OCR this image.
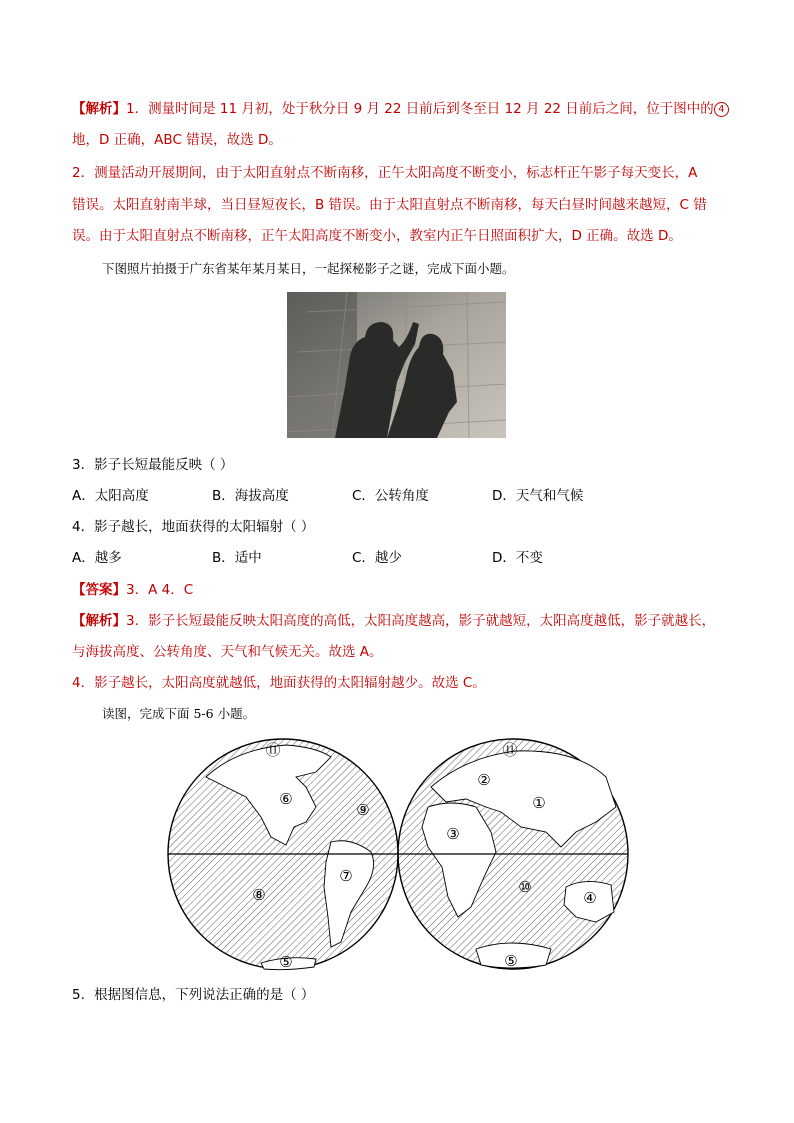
【解析】1．测量时间是 11 月初，处于秋分日 9 月 22 日前后到冬至日 12 月 22 日前后之间，位于图中的 4
地，D 正确，ABC 错误，故选 D。
2．测量活动开展期间，由于太阳直射点不断南移，正午太阳高度不断变小，标志杆正午影子每天变长，A
错误。太阳直射南半球，当日昼短夜长，B 错误。由于太阳直射点不断南移，每天白昼时间越来越短，C 错
误。由于太阳直射点不断南移，正午太阳高度不断变小，教室内正午日照面积扩大，D 正确。故选 D。
下图照片拍摄于广东省某年某月某日，一起探秘影子之谜，完成下面小题。
3．影子长短最能反映（ ）
A．太阳高度	B．海拔高度	C．公转角度	D．天气和气候
4．影子越长，地面获得的太阳辐射（ ）
A．越多	B．适中	C．越少	D．不变
【答案】3．A 4．C
【解析】3．影子长短最能反映太阳高度的高低，太阳高度越高，影子就越短，太阳高度越低，影子就越长，
与海拔高度、公转角度、天气和气候无关。故选 A。
4．影子越长，太阳高度就越低，地面获得的太阳辐射越少。故选 C。
读图，完成下面 5-6 小题。
⑪
⑥
⑨
⑦
⑧
⑤
⑪
②
①
③
⑩
④
⑤
5．根据图信息，下列说法正确的是（ ）
